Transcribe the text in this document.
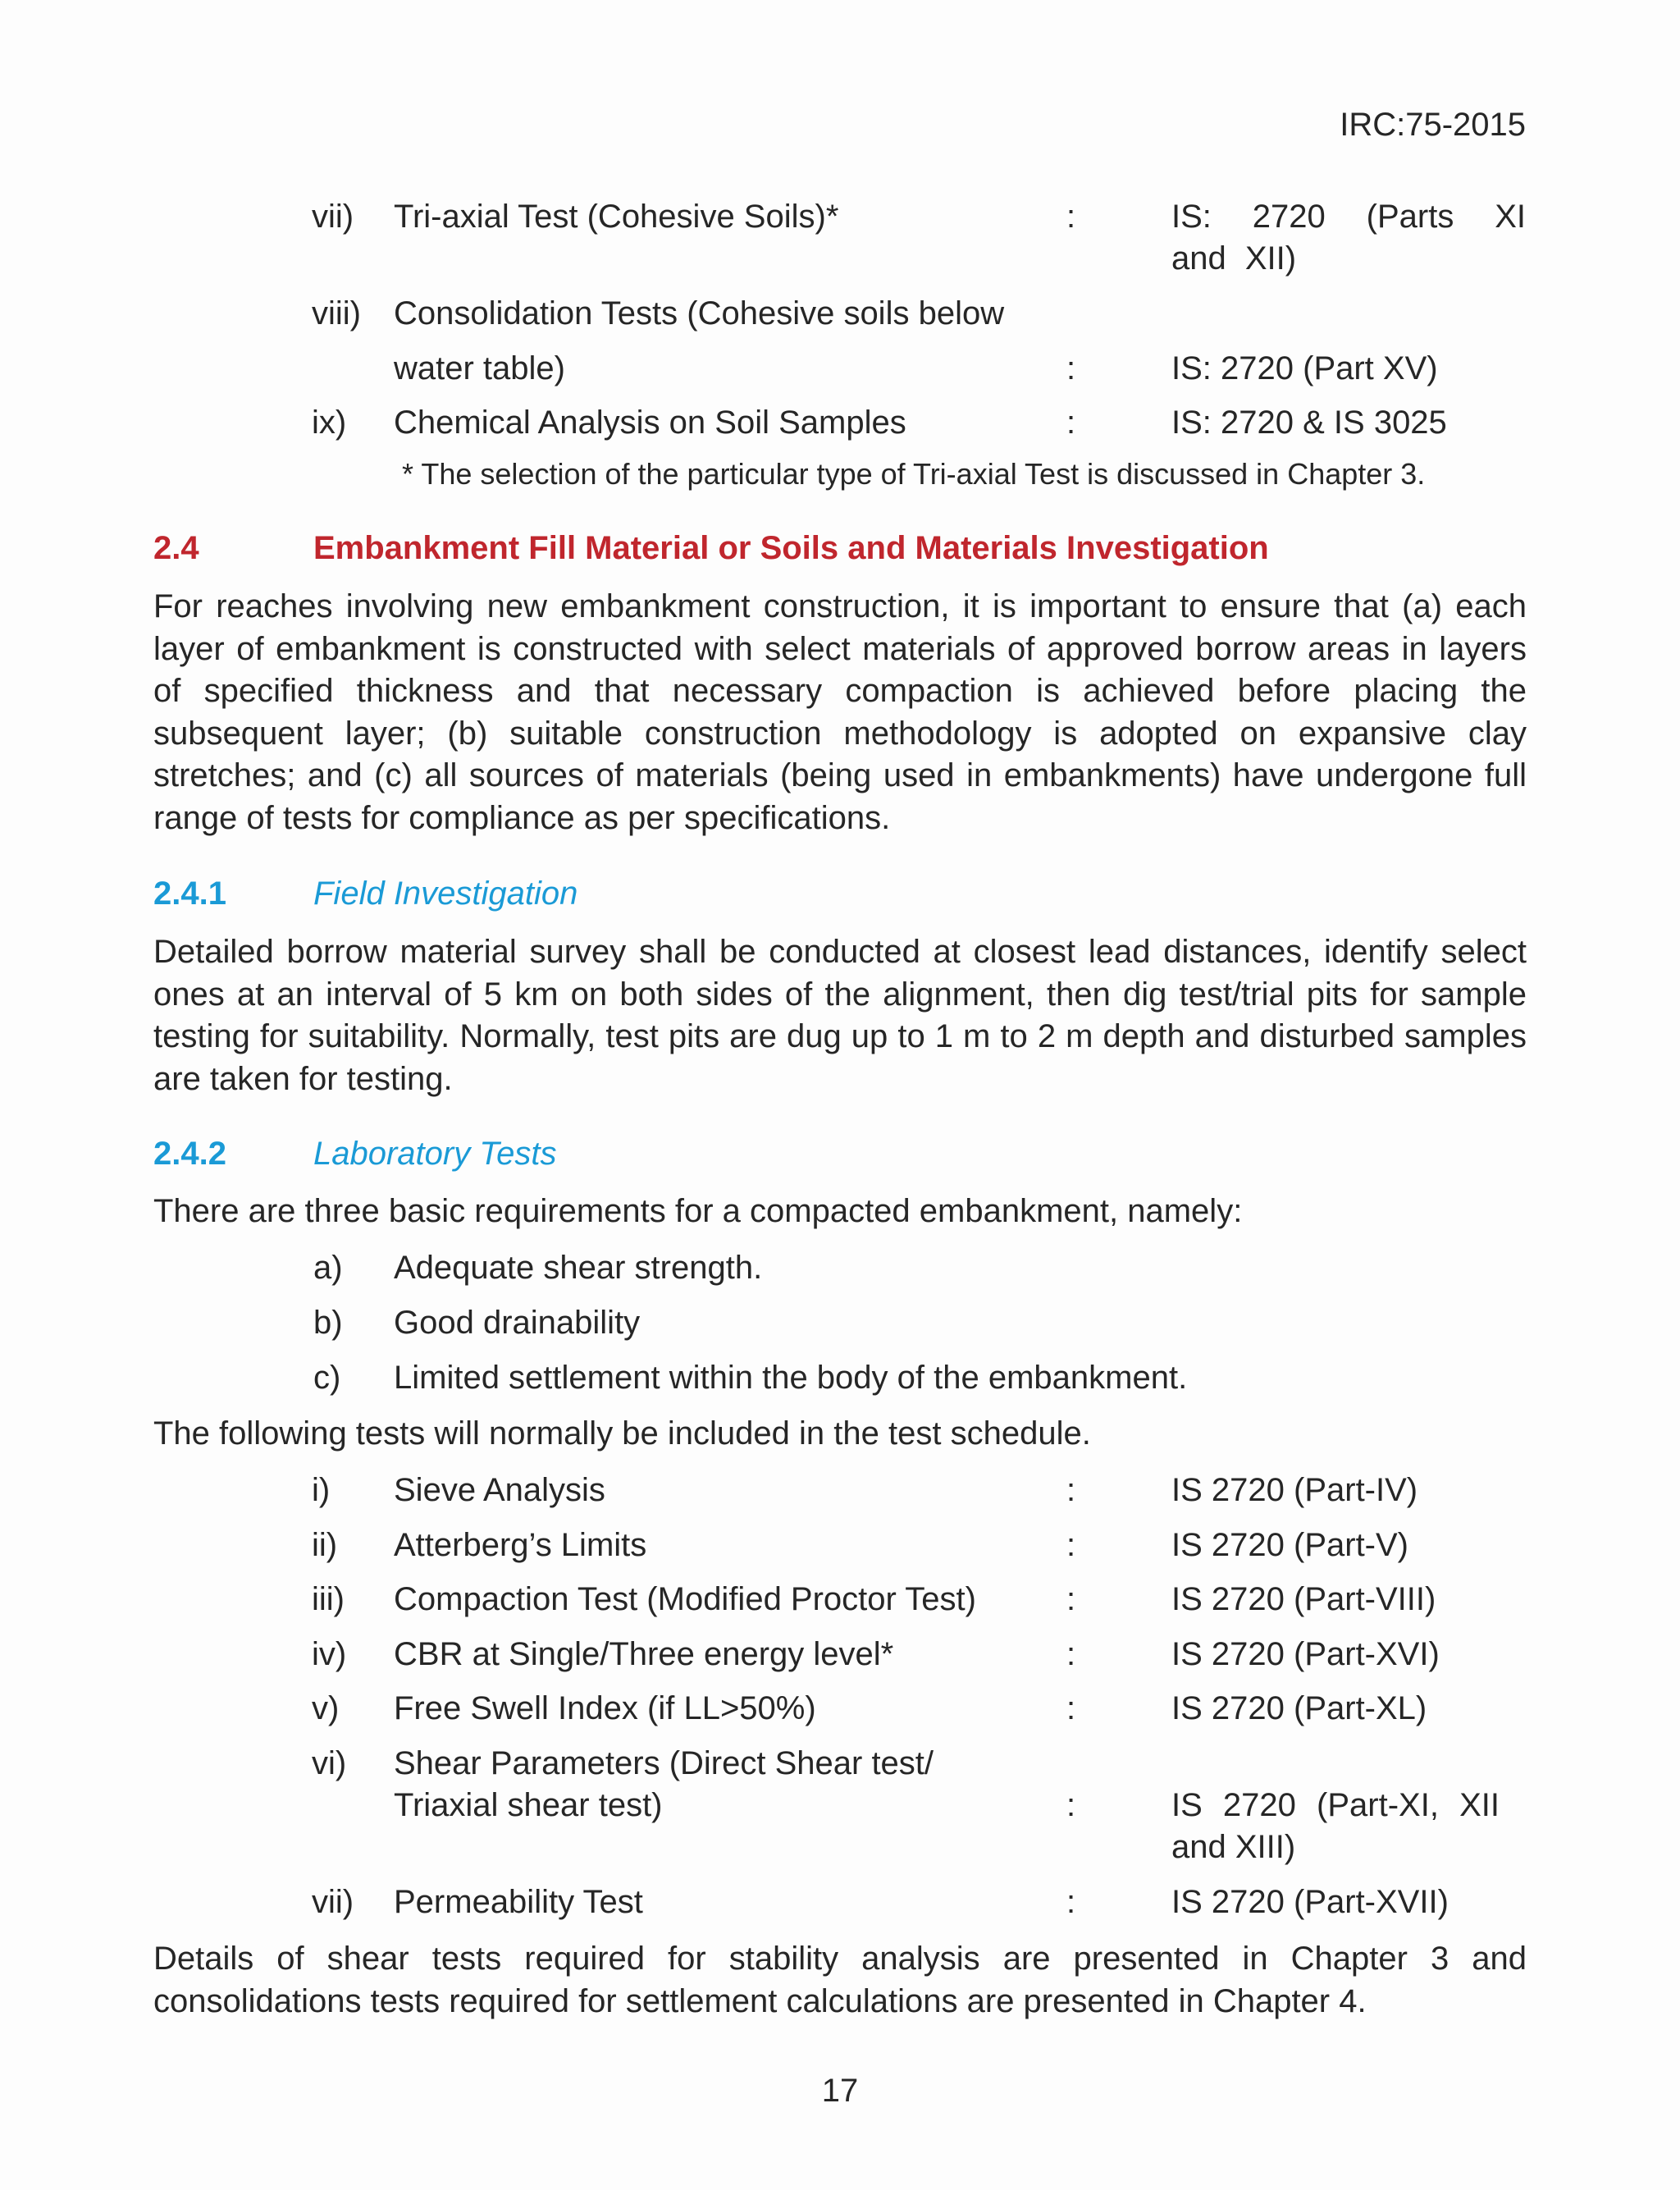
IRC:75-2015
vii) Tri-axial Test (Cohesive Soils)*	:	IS: 2720 (Parts XI and XII)
viii) Consolidation Tests (Cohesive soils below
water table)	:	IS: 2720 (Part XV)
ix) Chemical Analysis on Soil Samples	:	IS: 2720 & IS 3025
* The selection of the particular type of Tri-axial Test is discussed in Chapter 3.
2.4	Embankment Fill Material or Soils and Materials Investigation
For reaches involving new embankment construction, it is important to ensure that (a) each layer of embankment is constructed with select materials of approved borrow areas in layers of specified thickness and that necessary compaction is achieved before placing the subsequent layer; (b) suitable construction methodology is adopted on expansive clay stretches; and (c) all sources of materials (being used in embankments) have undergone full range of tests for compliance as per specifications.
2.4.1	Field Investigation
Detailed borrow material survey shall be conducted at closest lead distances, identify select ones at an interval of 5 km on both sides of the alignment, then dig test/trial pits for sample testing for suitability. Normally, test pits are dug up to 1 m to 2 m depth and disturbed samples are taken for testing.
2.4.2	Laboratory Tests
There are three basic requirements for a compacted embankment, namely:
a) Adequate shear strength.
b) Good drainability
c) Limited settlement within the body of the embankment.
The following tests will normally be included in the test schedule.
i) Sieve Analysis	:	IS 2720 (Part-IV)
ii) Atterberg’s Limits	:	IS 2720 (Part-V)
iii) Compaction Test (Modified Proctor Test)	:	IS 2720 (Part-VIII)
iv) CBR at Single/Three energy level*	:	IS 2720 (Part-XVI)
v) Free Swell Index (if LL>50%)	:	IS 2720 (Part-XL)
vi) Shear Parameters (Direct Shear test/
Triaxial shear test)	:	IS 2720 (Part-XI, XII and XIII)
vii) Permeability Test	:	IS 2720 (Part-XVII)
Details of shear tests required for stability analysis are presented in Chapter 3 and consolidations tests required for settlement calculations are presented in Chapter 4.
17
